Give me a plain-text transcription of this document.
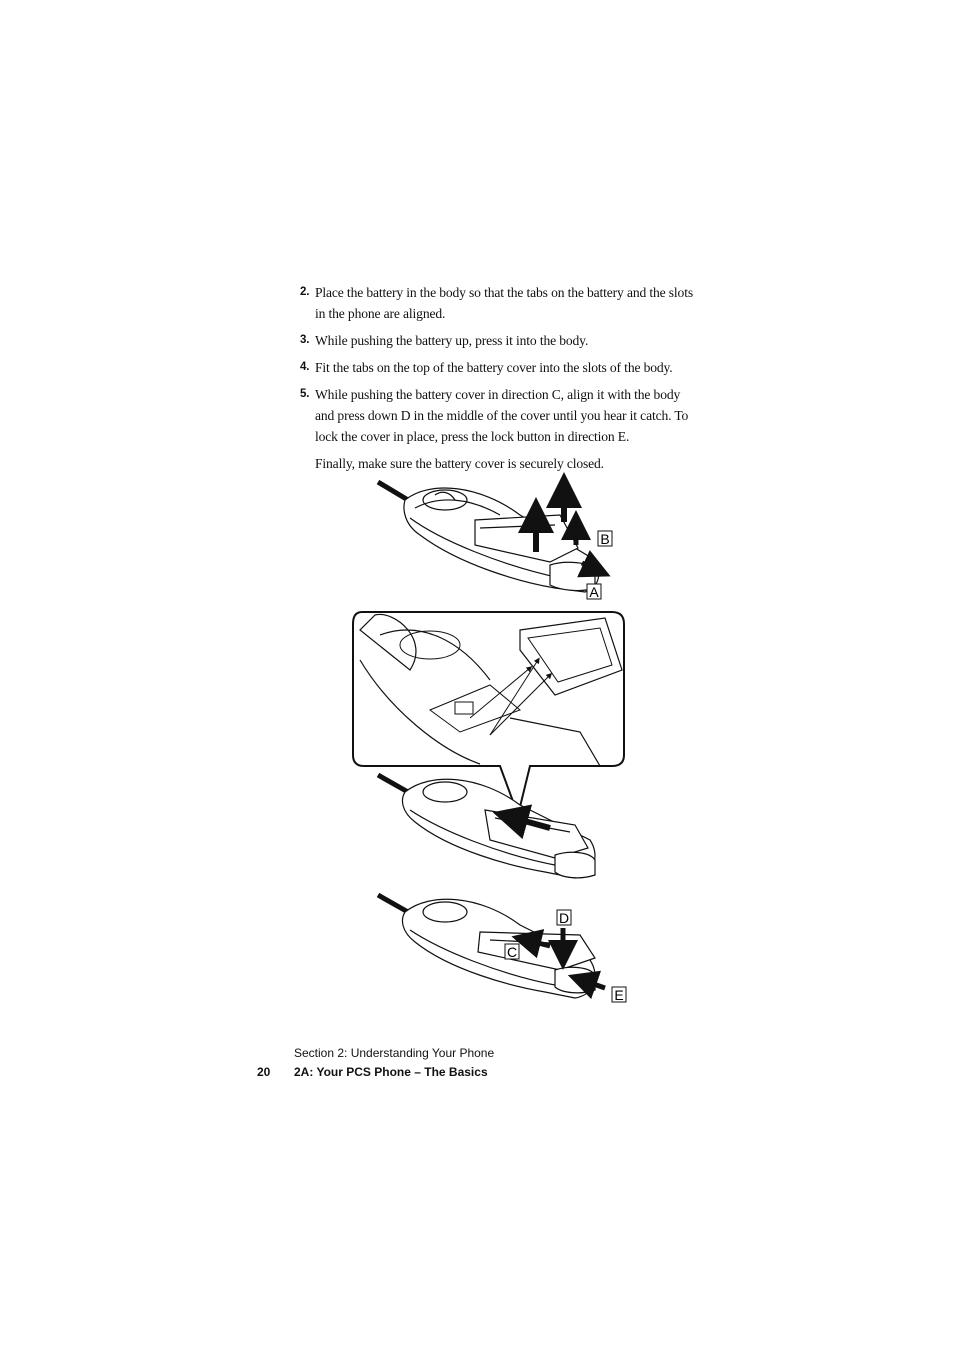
2. Place the battery in the body so that the tabs on the battery and the slots in the phone are aligned.
3. While pushing the battery up, press it into the body.
4. Fit the tabs on the top of the battery cover into the slots of the body.
5. While pushing the battery cover in direction C, align it with the body and press down D in the middle of the cover until you hear it catch. To lock the cover in place, press the lock button in direction E.
Finally, make sure the battery cover is securely closed.
B
A
D
C
E
Section 2: Understanding Your Phone
20 2A: Your PCS Phone – The Basics
